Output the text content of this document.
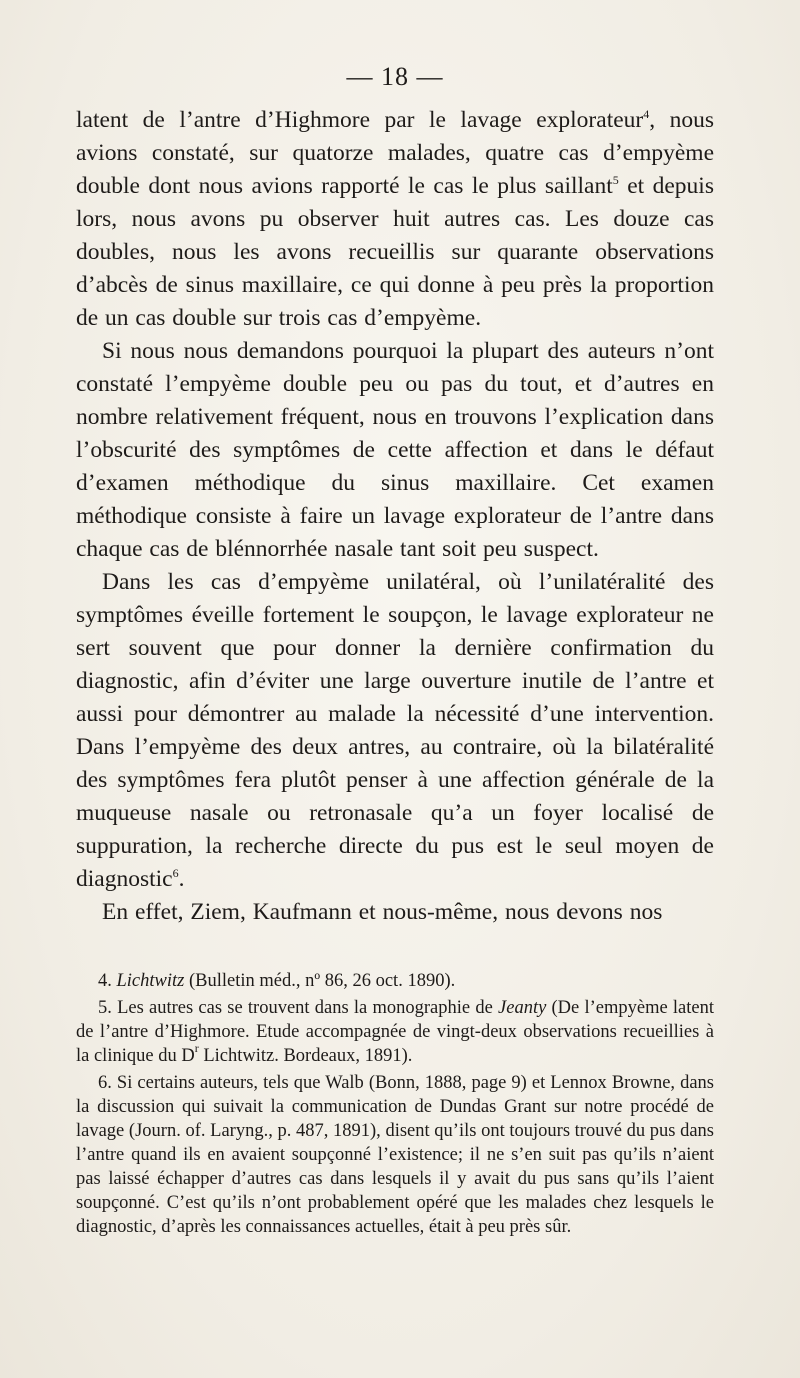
— 18 —

latent de l’antre d’Highmore par le lavage explorateur$^4$, nous avions constaté, sur quatorze malades, quatre cas d’empyème double dont nous avions rapporté le cas le plus saillant$^5$ et depuis lors, nous avons pu observer huit autres cas. Les douze cas doubles, nous les avons recueillis sur quarante observations d’abcès de sinus maxillaire, ce qui donne à peu près la proportion de un cas double sur trois cas d’empyème.

Si nous nous demandons pourquoi la plupart des auteurs n’ont constaté l’empyème double peu ou pas du tout, et d’autres en nombre relativement fréquent, nous en trouvons l’explication dans l’obscurité des symptômes de cette affection et dans le défaut d’examen méthodique du sinus maxillaire. Cet examen méthodique consiste à faire un lavage explorateur de l’antre dans chaque cas de blénnorrhée nasale tant soit peu suspect.

Dans les cas d’empyème unilatéral, où l’unilatéralité des symptômes éveille fortement le soupçon, le lavage explorateur ne sert souvent que pour donner la dernière confirmation du diagnostic, afin d’éviter une large ouverture inutile de l’antre et aussi pour démontrer au malade la nécessité d’une intervention. Dans l’empyème des deux antres, au contraire, où la bilatéralité des symptômes fera plutôt penser à une affection générale de la muqueuse nasale ou retronasale qu’a un foyer localisé de suppuration, la recherche directe du pus est le seul moyen de diagnostic$^6$.

En effet, Ziem, Kaufmann et nous-même, nous devons nos

4. Lichtwitz (Bulletin méd., nº 86, 26 oct. 1890).

5. Les autres cas se trouvent dans la monographie de Jeanty (De l’empyème latent de l’antre d’Highmore. Etude accompagnée de vingt-deux observations recueillies à la clinique du $D^r$ Lichtwitz. Bordeaux, 1891).

6. Si certains auteurs, tels que Walb (Bonn, 1888, page 9) et Lennox Browne, dans la discussion qui suivait la communication de Dundas Grant sur notre procédé de lavage (Journ. of. Laryng., p. 487, 1891), disent qu’ils ont toujours trouvé du pus dans l’antre quand ils en avaient soupçonné l’existence; il ne s’en suit pas qu’ils n’aient pas laissé échapper d’autres cas dans lesquels il y avait du pus sans qu’ils l’aient soupçonné. C’est qu’ils n’ont probablement opéré que les malades chez lesquels le diagnostic, d’après les connaissances actuelles, était à peu près sûr.
